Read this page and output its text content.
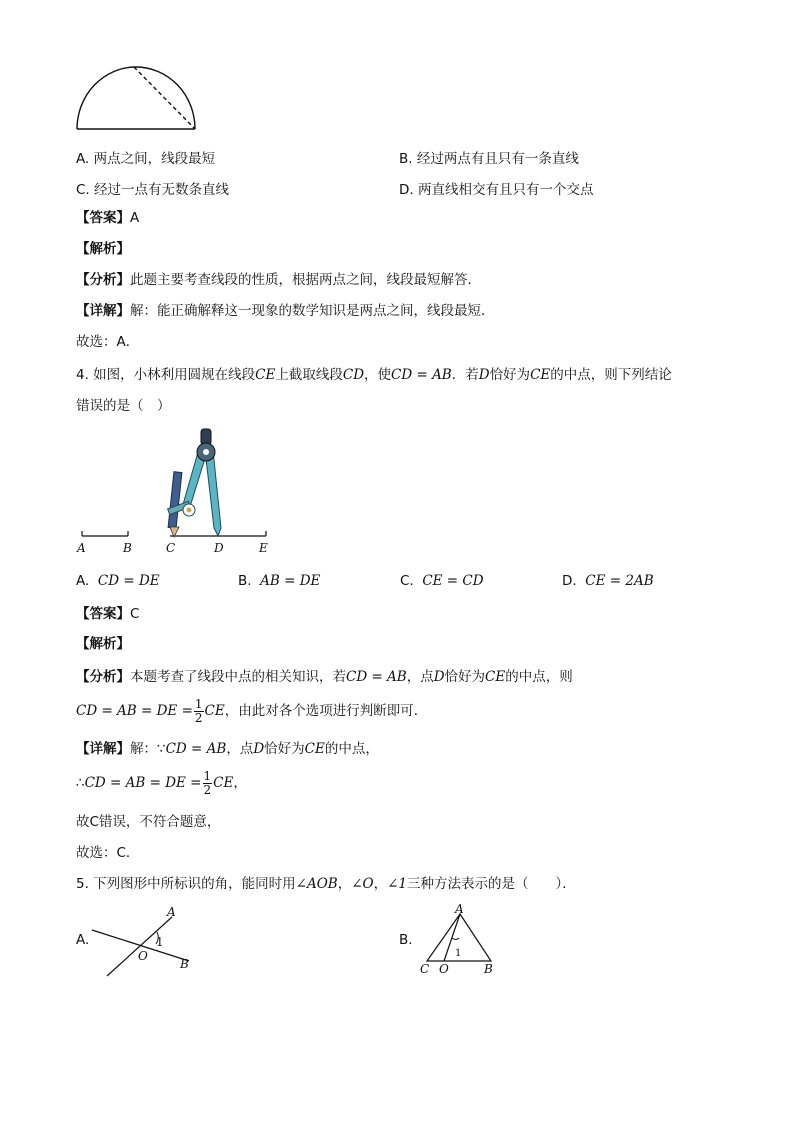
A. 两点之间，线段最短	B. 经过两点有且只有一条直线
C. 经过一点有无数条直线	D. 两直线相交有且只有一个交点
【答案】A
【解析】
【分析】此题主要考查线段的性质，根据两点之间，线段最短解答．
【详解】解：能正确解释这一现象的数学知识是两点之间，线段最短．
故选：A．
4. 如图，小林利用圆规在线段CE上截取线段CD，使CD = AB．若D恰好为CE的中点，则下列结论
错误的是（　）
A	B	C	D	E
A. CD = DE	B. AB = DE	C. CE = CD	D. CE = 2AB
【答案】C
【解析】
【分析】本题考查了线段中点的相关知识，若CD = AB，点D恰好为CE的中点，则
CD = AB = DE = $\frac{1}{2}$ CE，由此对各个选项进行判断即可．
【详解】解：∵CD = AB，点D恰好为CE的中点，
∴CD = AB = DE = $\frac{1}{2}$ CE，
故C错误，不符合题意，
故选：C．
5. 下列图形中所标识的角，能同时用∠AOB，∠O，∠1三种方法表示的是（　　）．
A.	B.
A
1
O
B
A
1
C O	B
